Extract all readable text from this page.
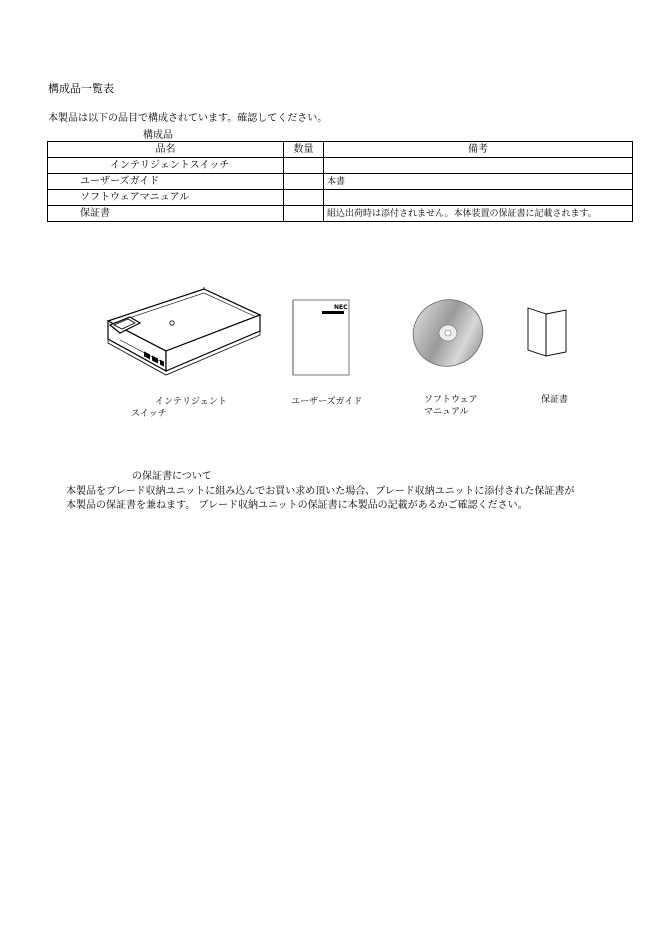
構成品一覧表
本製品は以下の品目で構成されています。確認してください。
構成品
品名	数量	備考
インテリジェントスイッチ		
ユーザーズガイド		本書
ソフトウェアマニュアル		
保証書		組込出荷時は添付されません。本体装置の保証書に記載されます。
NEC
インテリジェント
スイッチ
ユーザーズガイド	ソフトウェア
マニュアル
保証書
の保証書について
本製品をブレード収納ユニットに組み込んでお買い求め頂いた場合、ブレード収納ユニットに添付された保証書が
本製品の保証書を兼ねます。 ブレード収納ユニットの保証書に本製品の記載があるかご確認ください。
